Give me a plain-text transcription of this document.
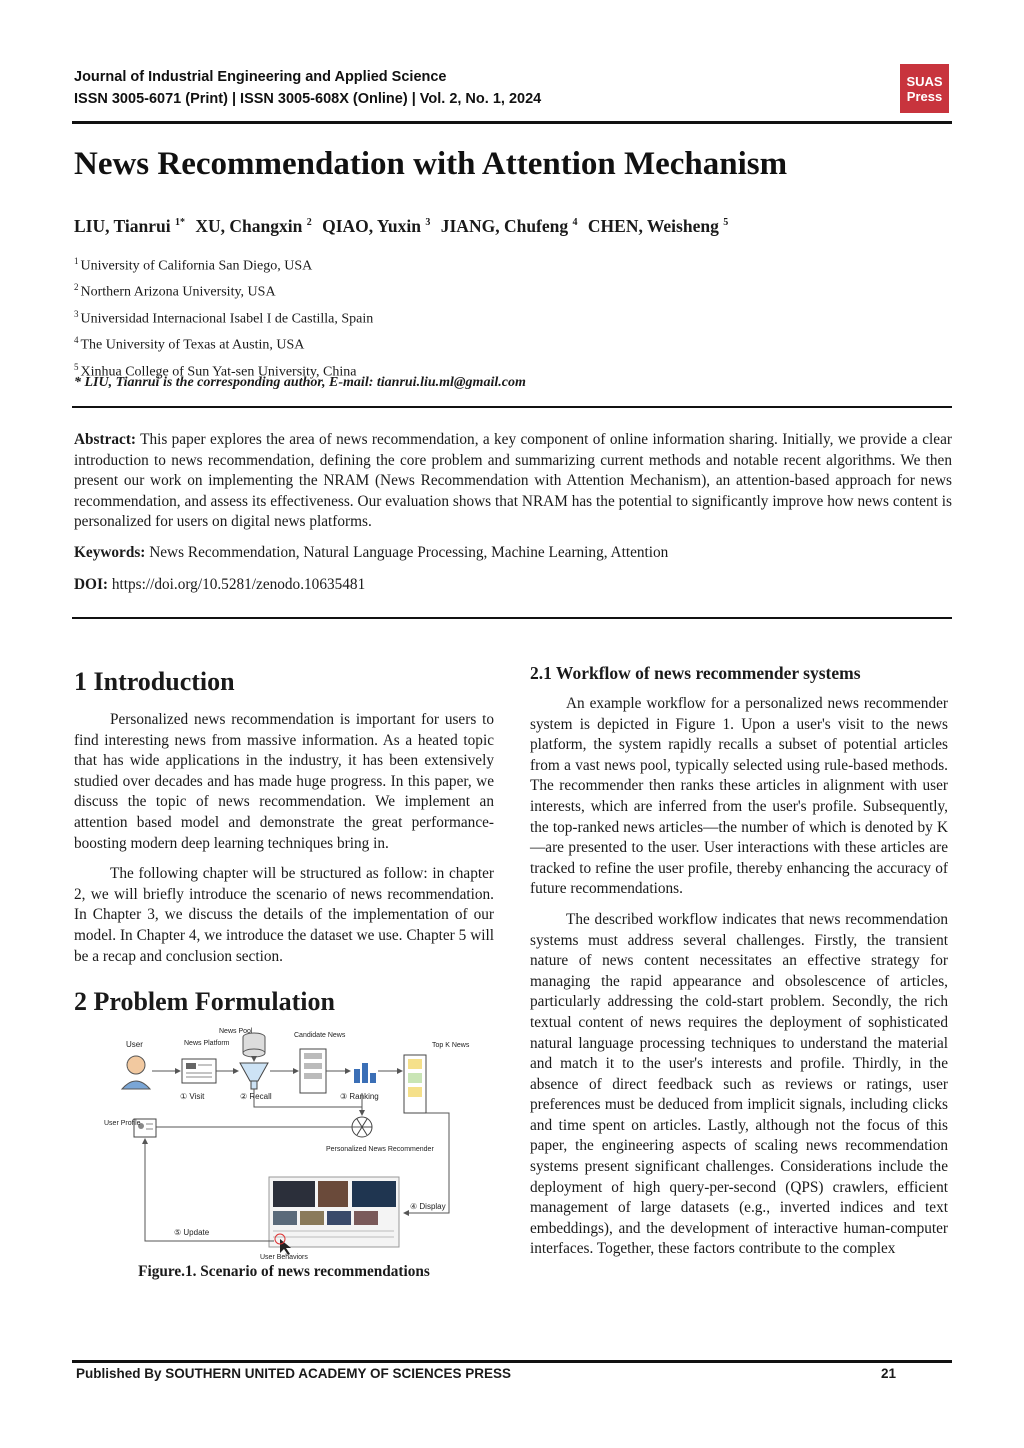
Journal of Industrial Engineering and Applied Science
ISSN 3005-6071 (Print) | ISSN 3005-608X (Online) | Vol. 2, No. 1, 2024
SUAS
Press
News Recommendation with Attention Mechanism
LIU, Tianrui $^{1*}$ XU, Changxin $^2$ QIAO, Yuxin $^3$ JIANG, Chufeng $^4$ CHEN, Weisheng $^5$
$^1$ University of California San Diego, USA
$^2$ Northern Arizona University, USA
$^3$ Universidad Internacional Isabel I de Castilla, Spain
$^4$ The University of Texas at Austin, USA
$^5$ Xinhua College of Sun Yat-sen University, China
* LIU, Tianrui is the corresponding author, E-mail: tianrui.liu.ml@gmail.com
Abstract: This paper explores the area of news recommendation, a key component of online information sharing. Initially, we provide a clear introduction to news recommendation, defining the core problem and summarizing current methods and notable recent algorithms. We then present our work on implementing the NRAM (News Recommendation with Attention Mechanism), an attention-based approach for news recommendation, and assess its effectiveness. Our evaluation shows that NRAM has the potential to significantly improve how news content is personalized for users on digital news platforms.
Keywords: News Recommendation, Natural Language Processing, Machine Learning, Attention
DOI: https://doi.org/10.5281/zenodo.10635481
1 Introduction

Personalized news recommendation is important for users to find interesting news from massive information. As a heated topic that has wide applications in the industry, it has been extensively studied over decades and has made huge progress. In this paper, we discuss the topic of news recommendation. We implement an attention based model and demonstrate the great performance-boosting modern deep learning techniques bring in.

The following chapter will be structured as follow: in chapter 2, we will briefly introduce the scenario of news recommendation. In Chapter 3, we discuss the details of the implementation of our model. In Chapter 4, we introduce the dataset we use. Chapter 5 will be a recap and conclusion section.

2 Problem Formulation
User	News Platform
① Visit
News Pool
② Recall
Candidate News
③ Ranking
Top K News
User Profile
Personalized News Recommender
④ Display
User Behaviors
⑤ Update
Figure.1. Scenario of news recommendations
2.1 Workflow of news recommender systems

An example workflow for a personalized news recommender system is depicted in Figure 1. Upon a user's visit to the news platform, the system rapidly recalls a subset of potential articles from a vast news pool, typically selected using rule-based methods. The recommender then ranks these articles in alignment with user interests, which are inferred from the user's profile. Subsequently, the top-ranked news articles—the number of which is denoted by K—are presented to the user. User interactions with these articles are tracked to refine the user profile, thereby enhancing the accuracy of future recommendations.

The described workflow indicates that news recommendation systems must address several challenges. Firstly, the transient nature of news content necessitates an effective strategy for managing the rapid appearance and obsolescence of articles, particularly addressing the cold-start problem. Secondly, the rich textual content of news requires the deployment of sophisticated natural language processing techniques to understand the material and match it to the user's interests and profile. Thirdly, in the absence of direct feedback such as reviews or ratings, user preferences must be deduced from implicit signals, including clicks and time spent on articles. Lastly, although not the focus of this paper, the engineering aspects of scaling news recommendation systems present significant challenges. Considerations include the deployment of high query-per-second (QPS) crawlers, efficient management of large datasets (e.g., inverted indices and text embeddings), and the development of interactive human-computer interfaces. Together, these factors contribute to the complex

Published By SOUTHERN UNITED ACADEMY OF SCIENCES PRESS	21
